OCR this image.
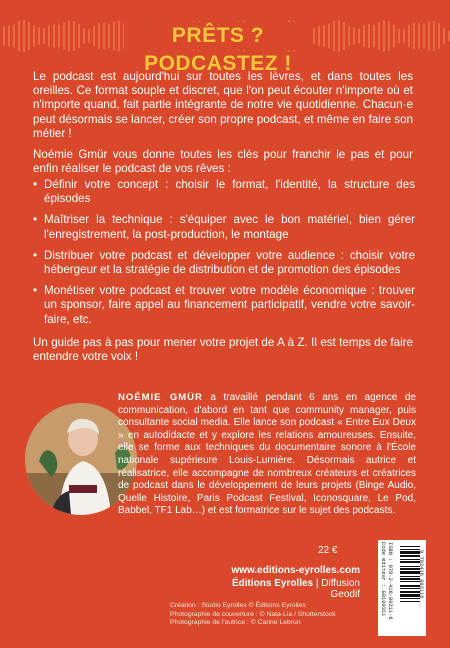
PRÊTS ? PODCASTEZ !
Le podcast est aujourd'hui sur toutes les lèvres, et dans toutes les oreilles. Ce format souple et discret, que l'on peut écouter n'importe où et n'importe quand, fait partie intégrante de notre vie quotidienne. Chacun·e peut désormais se lancer, créer son propre podcast, et même en faire son métier !
Noémie Gmür vous donne toutes les clés pour franchir le pas et pour enfin réaliser le podcast de vos rêves :
• Définir votre concept : choisir le format, l'identité, la structure des épisodes
• Maîtriser la technique : s'équiper avec le bon matériel, bien gérer l'enregistrement, la post-production, le montage
• Distribuer votre podcast et développer votre audience : choisir votre hébergeur et la stratégie de distribution et de promotion des épisodes
• Monétiser votre podcast et trouver votre modèle économique : trouver un sponsor, faire appel au financement participatif, vendre votre savoir-faire, etc.
Un guide pas à pas pour mener votre projet de A à Z. Il est temps de faire entendre votre voix !
NOÉMIE GMÜR a travaillé pendant 6 ans en agence de communication, d'abord en tant que community manager, puis consultante social media. Elle lance son podcast « Entre Eux Deux » en autodidacte et y explore les relations amoureuses. Ensuite, elle se forme aux techniques du documentaire sonore à l'École nationale supérieure Louis-Lumière. Désormais autrice et réalisatrice, elle accompagne de nombreux créateurs et créatrices de podcast dans le développement de leurs projets (Binge Audio, Quelle Histoire, Paris Podcast Festival, Iconosquare, Le Pod, Babbel, TF1 Lab…) et est formatrice sur le sujet des podcasts.
22 €
www.editions-eyrolles.com
Éditions Eyrolles | Diffusion Geodif
Création : Studio Eyrolles © Éditions Eyrolles
Photographie de couverture : © Nata-Lia / Shutterstock
Photographie de l'autrice : © Carine Lebrun
Code éditeur : G0100311 ISBN : 978-2-416-00311-6	9 782416 003116
